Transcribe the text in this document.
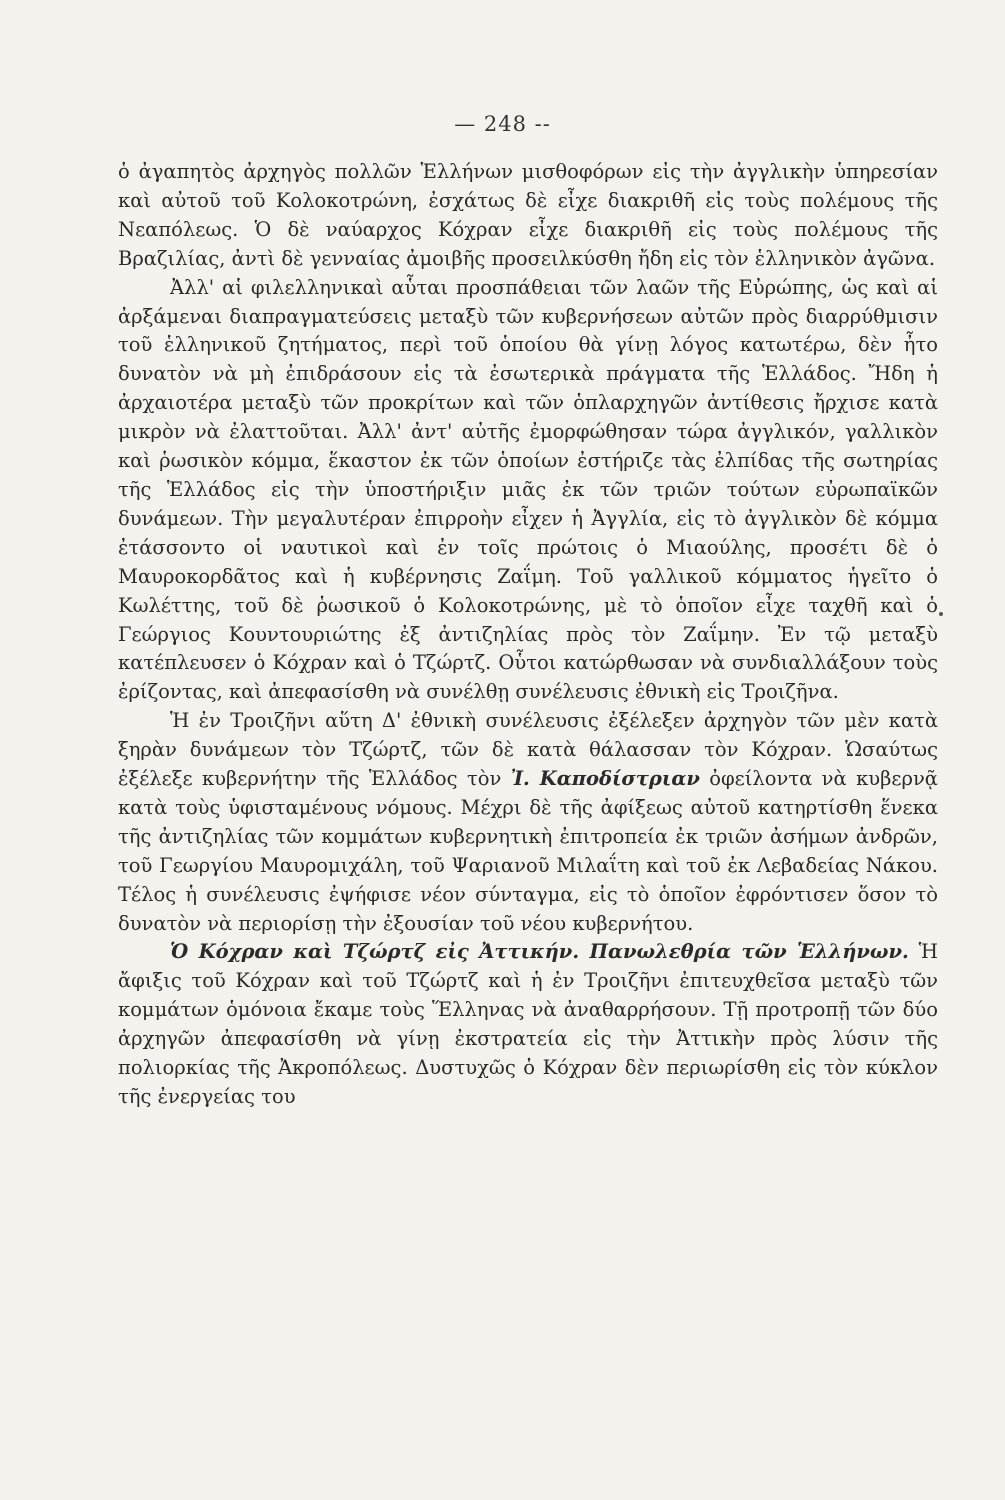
— 248 --

ὁ ἀγαπητὸς ἀρχηγὸς πολλῶν Ἑλλήνων μισθοφόρων εἰς τὴν ἀγγλικὴν ὑπηρεσίαν καὶ αὐτοῦ τοῦ Κολοκοτρώνη, ἐσχάτως δὲ εἶχε διακριθῆ εἰς τοὺς πολέμους τῆς Νεαπόλεως. Ὁ δὲ ναύαρχος Κόχραν εἶχε διακριθῆ εἰς τοὺς πολέμους τῆς Βραζιλίας, ἀντὶ δὲ γενναίας ἀμοιβῆς προσειλκύσθη ἤδη εἰς τὸν ἑλληνικὸν ἀγῶνα.

Ἀλλ' αἱ φιλελληνικαὶ αὗται προσπάθειαι τῶν λαῶν τῆς Εὐρώπης, ὡς καὶ αἱ ἀρξάμεναι διαπραγματεύσεις μεταξὺ τῶν κυβερνήσεων αὐτῶν πρὸς διαρρύθμισιν τοῦ ἑλληνικοῦ ζητήματος, περὶ τοῦ ὁποίου θὰ γίνῃ λόγος κατωτέρω, δὲν ἦτο δυνατὸν νὰ μὴ ἐπιδράσουν εἰς τὰ ἐσωτερικὰ πράγματα τῆς Ἑλλάδος. Ἤδη ἡ ἀρχαιοτέρα μεταξὺ τῶν προκρίτων καὶ τῶν ὁπλαρχηγῶν ἀντίθεσις ἤρχισε κατὰ μικρὸν νὰ ἐλαττοῦται. Ἀλλ' ἀντ' αὐτῆς ἐμορφώθησαν τώρα ἀγγλικόν, γαλλικὸν καὶ ῥωσικὸν κόμμα, ἕκαστον ἐκ τῶν ὁποίων ἐστήριζε τὰς ἐλπίδας τῆς σωτηρίας τῆς Ἑλλάδος εἰς τὴν ὑποστήριξιν μιᾶς ἐκ τῶν τριῶν τούτων εὐρωπαϊκῶν δυνάμεων. Τὴν μεγαλυτέραν ἐπιρροὴν εἶχεν ἡ Ἀγγλία, εἰς τὸ ἀγγλικὸν δὲ κόμμα ἐτάσσοντο οἱ ναυτικοὶ καὶ ἐν τοῖς πρώτοις ὁ Μιαούλης, προσέτι δὲ ὁ Μαυροκορδᾶτος καὶ ἡ κυβέρνησις Ζαΐμη. Τοῦ γαλλικοῦ κόμματος ἡγεῖτο ὁ Κωλέττης, τοῦ δὲ ῥωσικοῦ ὁ Κολοκοτρώνης, μὲ τὸ ὁποῖον εἶχε ταχθῆ καὶ ὁ Γεώργιος Κουντουριώτης ἐξ ἀντιζηλίας πρὸς τὸν Ζαΐμην. Ἐν τῷ μεταξὺ κατέπλευσεν ὁ Κόχραν καὶ ὁ Τζώρτζ. Οὗτοι κατώρθωσαν νὰ συνδιαλλάξουν τοὺς ἐρίζοντας, καὶ ἀπεφασίσθη νὰ συνέλθῃ συνέλευσις ἐθνικὴ εἰς Τροιζῆνα.

Ἡ ἐν Τροιζῆνι αὕτη Δ' ἐθνικὴ συνέλευσις ἐξέλεξεν ἀρχηγὸν τῶν μὲν κατὰ ξηρὰν δυνάμεων τὸν Τζώρτζ, τῶν δὲ κατὰ θάλασσαν τὸν Κόχραν. Ὡσαύτως ἐξέλεξε κυβερνήτην τῆς Ἑλλάδος τὸν Ἰ. Καποδίστριαν ὀφείλοντα νὰ κυβερνᾷ κατὰ τοὺς ὑφισταμένους νόμους. Μέχρι δὲ τῆς ἀφίξεως αὐτοῦ κατηρτίσθη ἕνεκα τῆς ἀντιζηλίας τῶν κομμάτων κυβερνητικὴ ἐπιτροπεία ἐκ τριῶν ἀσήμων ἀνδρῶν, τοῦ Γεωργίου Μαυρομιχάλη, τοῦ Ψαριανοῦ Μιλαΐτη καὶ τοῦ ἐκ Λεβαδείας Νάκου. Τέλος ἡ συνέλευσις ἐψήφισε νέον σύνταγμα, εἰς τὸ ὁποῖον ἐφρόντισεν ὅσον τὸ δυνατὸν νὰ περιορίσῃ τὴν ἐξουσίαν τοῦ νέου κυβερνήτου.

Ὁ Κόχραν καὶ Τζώρτζ εἰς Ἀττικήν. Πανωλεθρία τῶν Ἑλλήνων. Ἡ ἄφιξις τοῦ Κόχραν καὶ τοῦ Τζώρτζ καὶ ἡ ἐν Τροιζῆνι ἐπιτευχθεῖσα μεταξὺ τῶν κομμάτων ὁμόνοια ἔκαμε τοὺς Ἕλληνας νὰ ἀναθαρρήσουν. Τῇ προτροπῇ τῶν δύο ἀρχηγῶν ἀπεφασίσθη νὰ γίνῃ ἐκστρατεία εἰς τὴν Ἀττικὴν πρὸς λύσιν τῆς πολιορκίας τῆς Ἀκροπόλεως. Δυστυχῶς ὁ Κόχραν δὲν περιωρίσθη εἰς τὸν κύκλον τῆς ἐνεργείας του
